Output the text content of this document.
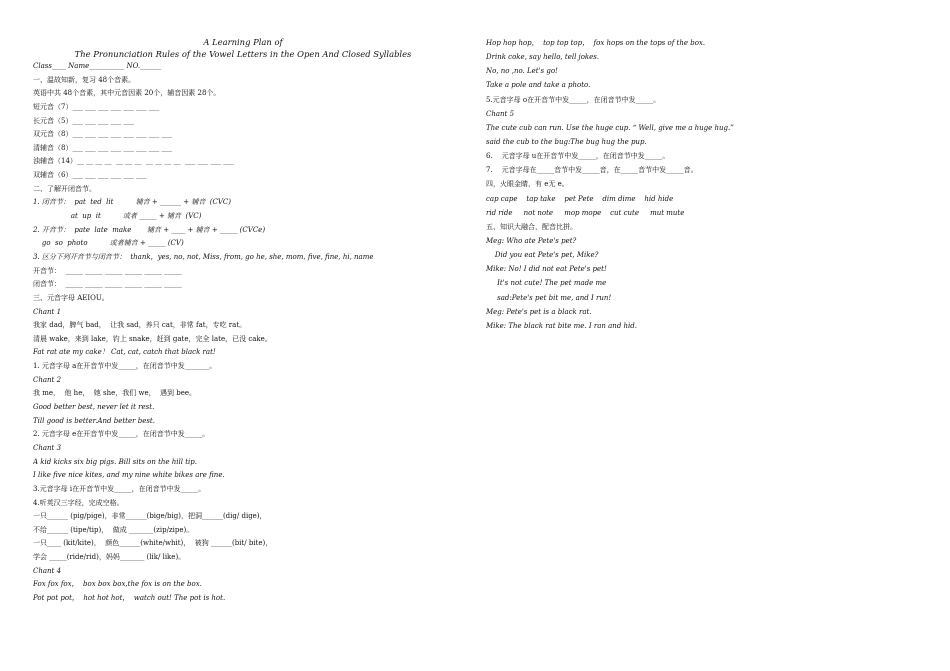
A Learning Plan of
The Pronunciation Rules of the Vowel Letters in the Open And Closed Syllables
Class____ Name__________ NO.______
一、温故知新，复习 48个音素。
英语中共 48个音素，其中元音因素 20个，辅音因素 28个。
短元音（7）___ ___ ___ ___ ___ ___ ___
长元音（5）___ ___ ___ ___ ___
双元音（8）___ ___ ___ ___ ___ ___ ___ ___
清辅音（8）___ ___ ___ ___ ___ ___ ___ ___
浊辅音（14）__ __ __ __  __ __ __  __ __ __ __  ___ ___ ___ ___
双辅音（6）___ ___ ___ ___ ___ ___
二、了解开闭音节。
1. 闭音节：  pat  ted  lit          辅音 + ______ + 辅音  (CVC)
at  up  it          或者 _____ + 辅音  (VC)
2. 开音节：  pate  late  make       辅音 + ____ + 辅音 + _____ (CVCe)
go  so  photo          或者辅音 + _____ (CV)
3. 区分下列开音节与闭音节：  thank，yes, no, not, Miss, from, go he, she, mom, five, fine, hi, name
开音节：  _____ _____ _____ _____ _____ _____
闭音节：  _____ _____ _____ _____ _____ _____
三、元音字母 AEIOU。
Chant 1
我家 dad，脾气 bad，  让我 sad，养只 cat，非常 fat，专吃 rat。
清晨 wake，来到 lake，钓上 snake，赶到 gate，完全 late，已没 cake。
Fat rat ate my cake！ Cat, cat, catch that black rat!
1. 元音字母 a在开音节中发_____，在闭音节中发_______。
Chant 2
我 me，  他 he，  她 she，我们 we，  遇到 bee。
Good better best, never let it rest.
Till good is better.And better best.
2. 元音字母 e在开音节中发_____，在闭音节中发_____。
Chant 3
A kid kicks six big pigs. Bill sits on the hill tip.
I like five nice kites, and my nine white bikes are fine.
3.元音字母 i在开音节中发_____，在闭音节中发_____。
4.听英汉三字经，完成空格。
一只______ (pig/pige)，非常______(bige/big)，把洞______(dig/ dige)，
不给______ (tipe/tip)，  做成 _______(zip/zipe)。
一只____ (kit/kite)，  颜色______(white/whit)，  被狗 ______(bit/ bite)，
学会 _____(ride/rid)，妈妈_______ (lik/ like)。
Chant 4
Fox fox fox，  box box box,the fox is on the box.
Pot pot pot，  hot hot hot，  watch out! The pot is hot.
Hop hop hop，  top top top，  fox hops on the tops of the box.
Drink coke, say hello, tell jokes.
No, no ,no. Let's go!
Take a pole and take a photo.
5.元音字母 o在开音节中发_____，在闭音节中发_____。
Chant 5
The cute cub can run. Use the huge cup. “ Well, give me a huge hug.”
said the cub to the bug:The bug hug the pup.
6.    元音字母 u在开音节中发_____，在闭音节中发_____。
7.    元音字母在_____音节中发_____音，在_____音节中发_____音。
四，火眼金睛，有 e无 e。
cap cape    tap take    pet Pete    dim dime    hid hide
rid ride     not note     mop mope    cut cute     mut mute
五、知识大融合，配音比拼。
Meg: Who ate Pete's pet?
Did you eat Pete's pet, Mike?
Mike: No! I did not eat Pete's pet!
It's not cute! The pet made me
sad:Pete's pet bit me, and I run!
Meg: Pete's pet is a black rat.
Mike: The black rat bite me. I ran and hid.
